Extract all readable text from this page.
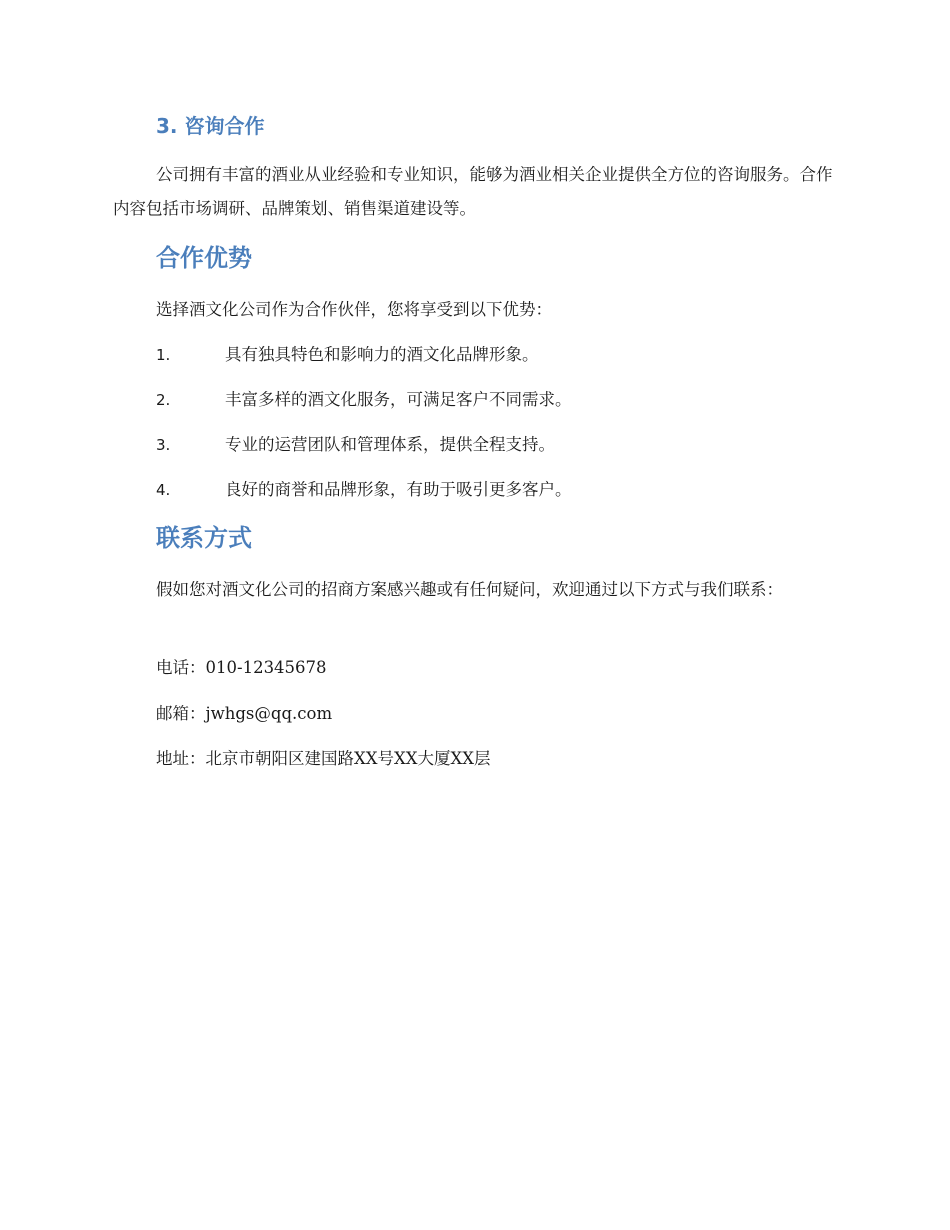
3. 咨询合作

公司拥有丰富的酒业从业经验和专业知识，能够为酒业相关企业提供全方位的咨询服务。合作内容包括市场调研、品牌策划、销售渠道建设等。

合作优势

选择酒文化公司作为合作伙伴，您将享受到以下优势：

1.	具有独具特色和影响力的酒文化品牌形象。
2.	丰富多样的酒文化服务，可满足客户不同需求。
3.	专业的运营团队和管理体系，提供全程支持。
4.	良好的商誉和品牌形象，有助于吸引更多客户。
联系方式

假如您对酒文化公司的招商方案感兴趣或有任何疑问，欢迎通过以下方式与我们联系：

电话：010-12345678

邮箱：jwhgs@qq.com

地址：北京市朝阳区建国路XX号XX大厦XX层
